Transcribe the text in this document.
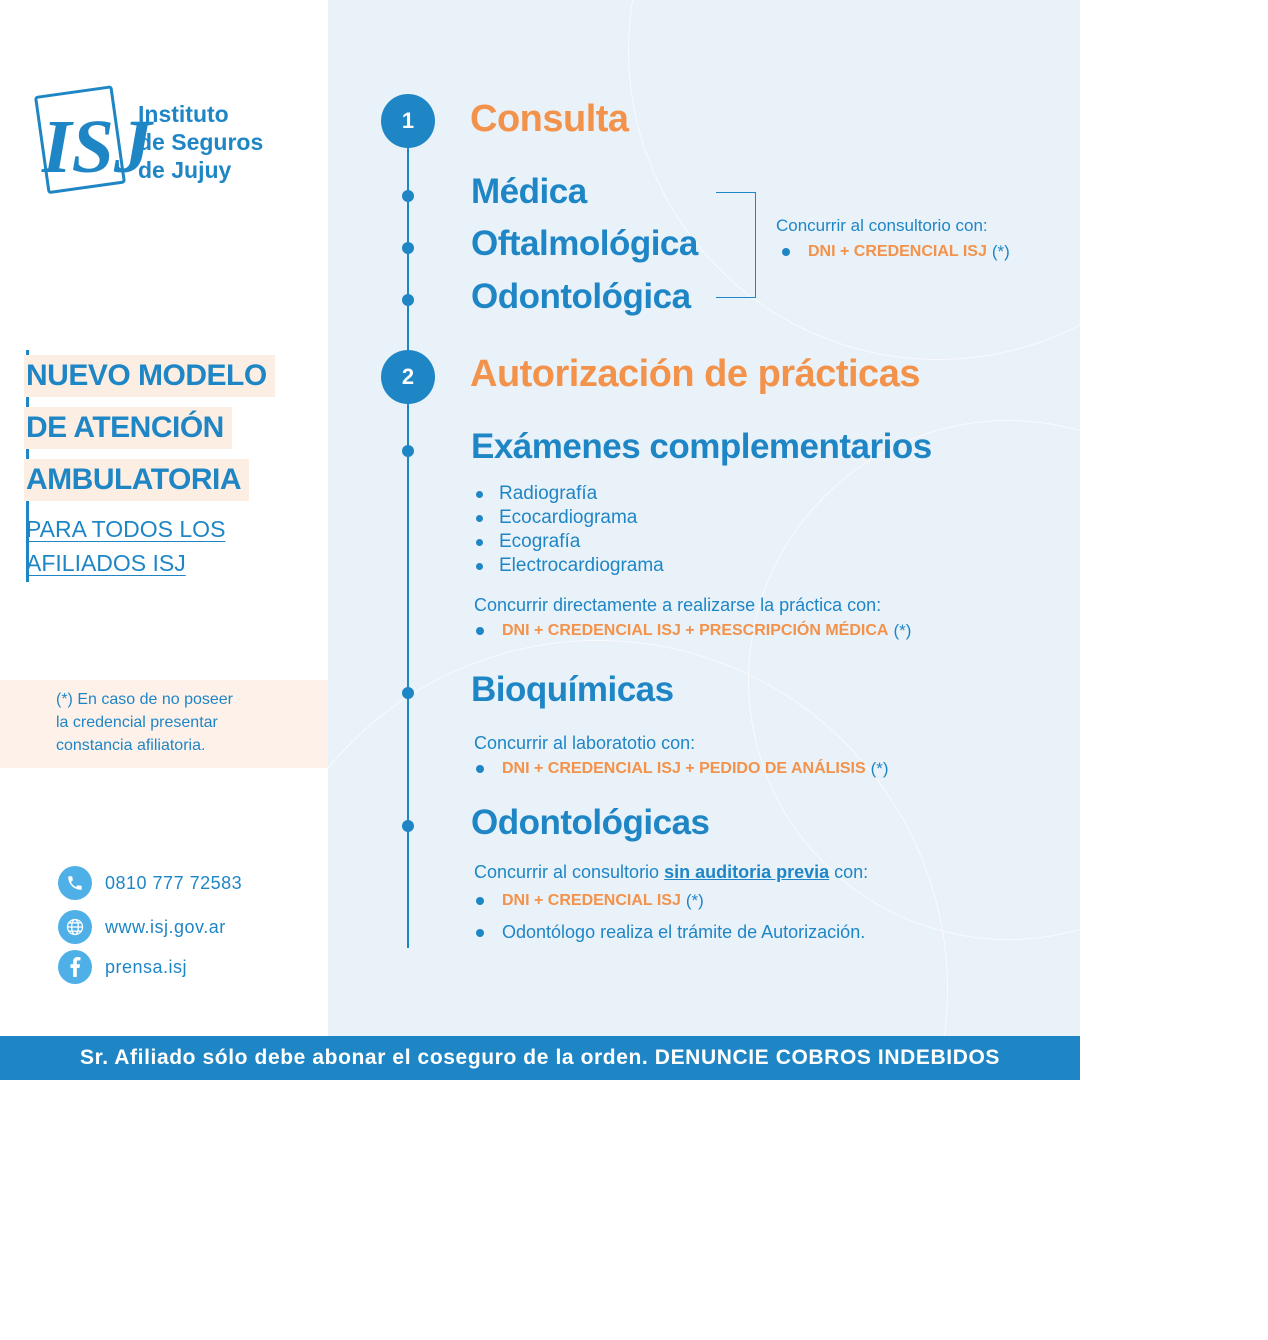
ISJ
Instituto
de Seguros
de Jujuy
NUEVO MODELO
DE ATENCIÓN
AMBULATORIA
PARA TODOS LOS
AFILIADOS ISJ
(*) En caso de no poseer
la credencial presentar
constancia afiliatoria.
0810 777 72583
www.isj.gov.ar
prensa.isj
1	Consulta
Médica
Oftalmológica
Odontológica
Concurrir al consultorio con:
DNI + CREDENCIAL ISJ (*)
2	Autorización de prácticas
Exámenes complementarios
Radiografía
Ecocardiograma
Ecografía
Electrocardiograma
Concurrir directamente a realizarse la práctica con:
DNI + CREDENCIAL ISJ + PRESCRIPCIÓN MÉDICA (*)
Bioquímicas
Concurrir al laboratotio con:
DNI + CREDENCIAL ISJ + PEDIDO DE ANÁLISIS (*)
Odontológicas
Concurrir al consultorio sin auditoria previa con:
DNI + CREDENCIAL ISJ (*)
Odontólogo realiza el trámite de Autorización.
Sr. Afiliado sólo debe abonar el coseguro de la orden. DENUNCIE COBROS INDEBIDOS
